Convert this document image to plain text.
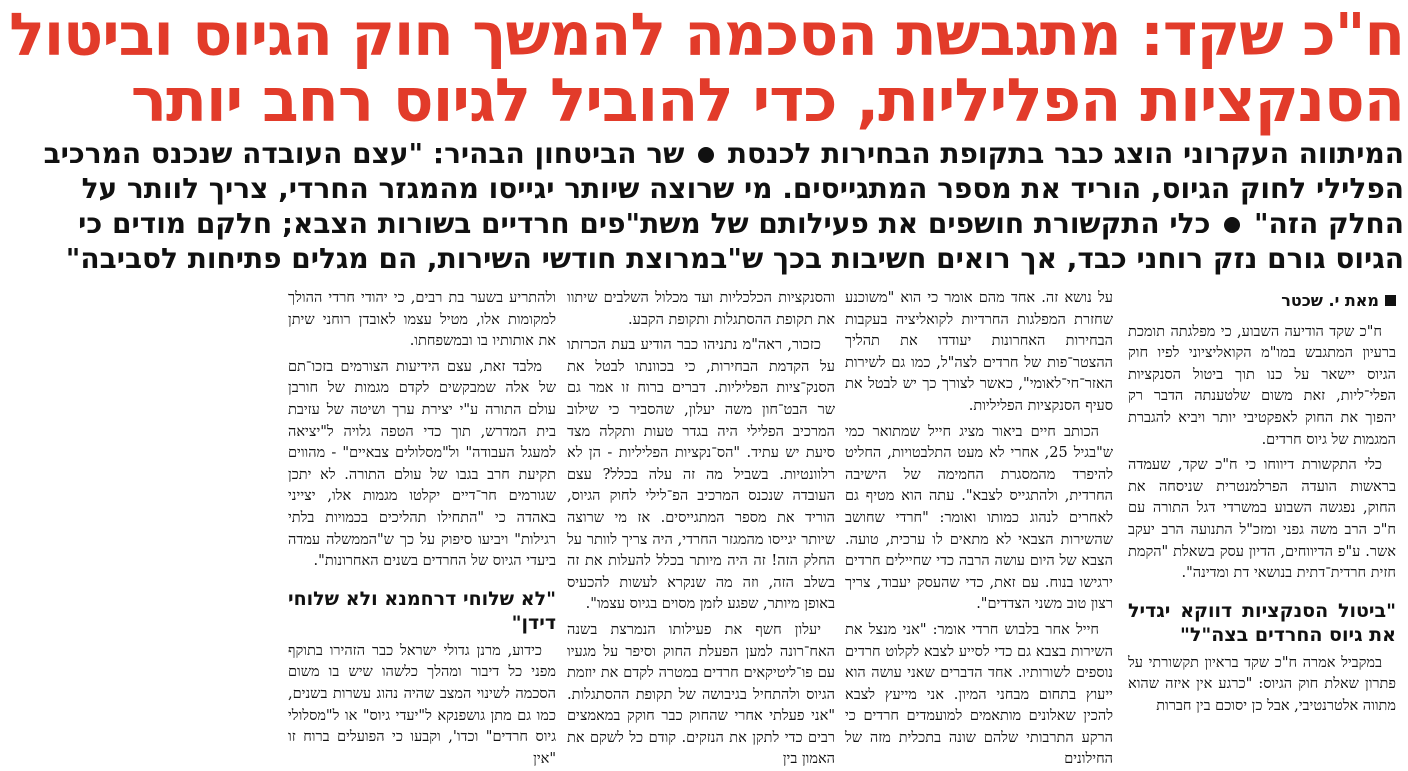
ח"כ שקד: מתגבשת הסכמה להמשך חוק הגיוס וביטול
הסנקציות הפליליות, כדי להוביל לגיוס רחב יותר
המיתווה העקרוני הוצג כבר בתקופת הבחירות לכנסת  שר הביטחון הבהיר: "עצם העובדה שנכנס המרכיב
הפלילי לחוק הגיוס, הוריד את מספר המתגייסים. מי שרוצה שיותר יגייסו מהמגזר החרדי, צריך לוותר על
החלק הזה"  כלי התקשורת חושפים את פעילותם של משת"פים חרדיים בשורות הצבא; חלקם מודים כי
הגיוס גורם נזק רוחני כבד, אך רואים חשיבות בכך ש"במרוצת חודשי השירות, הם מגלים פתיחות לסביבה"
מאת י. שכטר

ח"כ שקד הודיעה השבוע, כי מפלגתה תומכת ברעיון המתגבש במו"מ הקואליציוני לפיו חוק הגיוס יישאר על כנו תוך ביטול הסנקציות הפלי־ליות, זאת משום שלטענתה הדבר רק יהפוך את החוק לאפקטיבי יותר ויביא להגברת המגמות של גיוס חרדים.

כלי התקשורת דיווחו כי ח"כ שקד, שעמדה בראשות הועדה הפרלמנטרית שניסחה את החוק, נפגשה השבוע במשרדי דגל התורה עם ח"כ הרב משה גפני ומזכ"ל התנועה הרב יעקב אשר. ע"פ הדיווחים, הדיון עסק בשאלת "הקמת חזית חרדית־דתית בנושאי דת ומדינה".

"ביטול הסנקציות דווקא יגדיל את גיוס החרדים בצה"ל"

במקביל אמרה ח"כ שקד בראיון תקשורתי על פתרון שאלת חוק הגיוס: "כרגע אין איזה שהוא מתווה אלטרנטיבי, אבל כן יסוכם בין חברות

על נושא זה. אחד מהם אומר כי הוא "משוכנע שחזרת המפלגות החרדיות לקואליציה בעקבות הבחירות האחרונות יעודדו את תהליך ההצטר־פות של חרדים לצה"ל, כמו גם לשירות האזר־חי־לאומי", כאשר לצורך כך יש לבטל את סעיף הסנקציות הפליליות.

הכותב חיים ביאור מציג חייל שמתואר כמי ש"בגיל 25, אחרי לא מעט התלבטויות, החליט להיפרד מהמסגרת החמימה של הישיבה החרדית, ולהתגייס לצבא". עתה הוא מטיף גם לאחרים לנהוג כמותו ואומר: "חרדי שחושב שהשירות הצבאי לא מתאים לו ערכית, טועה. הצבא של היום עושה הרבה כדי שחיילים חרדים ירגישו בנוח. עם זאת, כדי שהעסק יעבוד, צריך רצון טוב משני הצדדים".

חייל אחר בלבוש חרדי אומר: "אני מנצל את השירות בצבא גם כדי לסייע לצבא לקלוט חרדים נוספים לשורותיו. אחד הדברים שאני עושה הוא ייעוץ בתחום מבחני המיון. אני מייעץ לצבא להכין שאלונים מותאמים למועמדים חרדים כי הרקע התרבותי שלהם שונה בתכלית מזה של החילונים

והסנקציות הכלכליות ועד מכלול השלבים שיתוו את תקופת ההסתגלות ותקופת הקבע.

כזכור, ראה"מ נתניהו כבר הודיע בעת הכרזתו על הקדמת הבחירות, כי בכוונתו לבטל את הסנק־ציות הפליליות. דברים ברוח זו אמר גם שר הבט־חון משה יעלון, שהסביר כי שילוב המרכיב הפלילי היה בגדר טעות ותקלה מצד סיעת יש עתיד. "הס־נקציות הפליליות - הן לא רלוונטיות. בשביל מה זה עלה בכלל? עצם העובדה שנכנס המרכיב הפ־לילי לחוק הגיוס, הוריד את מספר המתגייסים. אז מי שרוצה שיותר יגייסו מהמגזר החרדי, היה צריך לוותר על החלק הזה! זה היה מיותר בכלל להעלות את זה בשלב הזה, וזה מה שנקרא לעשות להכעיס באופן מיותר, שפגע לזמן מסוים בגיוס עצמו".

יעלון חשף את פעילותו הנמרצת בשנה האח־רונה למען הפעלת החוק וסיפר על מגעיו עם פו־ליטיקאים חרדים במטרה לקדם את יוזמת הגיוס ולהתחיל בגיבושה של תקופת ההסתגלות. "אני פעלתי אחרי שהחוק כבר חוקק במאמצים רבים כדי לתקן את הנזקים. קודם כל לשקם את האמון בין

ולהתריע בשער בת רבים, כי יהודי חרדי ההולך למקומות אלו, מטיל עצמו לאובדן רוחני שיתן את אותותיו בו ובמשפחתו.

מלבד זאת, עצם הידיעות הצורמים בזכו־תם של אלה שמבקשים לקדם מגמות של חורבן עולם התורה ע"י יצירת ערך ושיטה של עזיבת בית המדרש, תוך כדי הטפה גלויה ל"יציאה למעגל העבודה" ול"מסלולים צבאיים" - מהווים תקיעת חרב בגבו של עולם התורה. לא יתכן שגורמים חר־דיים יקלטו מגמות אלו, יצייני באהדה כי "התחילו תהליכים בכמויות בלתי רגילות" ויביעו סיפוק על כך ש"הממשלה עמדה ביעדי הגיוס של החרדים בשנים האחרונות".

"לא שלוחי דרחמנא ולא שלוחי דידן"

כידוע, מרנן גדולי ישראל כבר הזהירו בתוקף מפני כל דיבור ומהלך כלשהו שיש בו משום הסכמה לשינוי המצב שהיה נהוג עשרות בשנים, כמו גם מתן גושפנקא ל"יעדי גיוס" או ל"מסלולי גיוס חרדים" וכדו', וקבעו כי הפועלים ברוח זו "אין
